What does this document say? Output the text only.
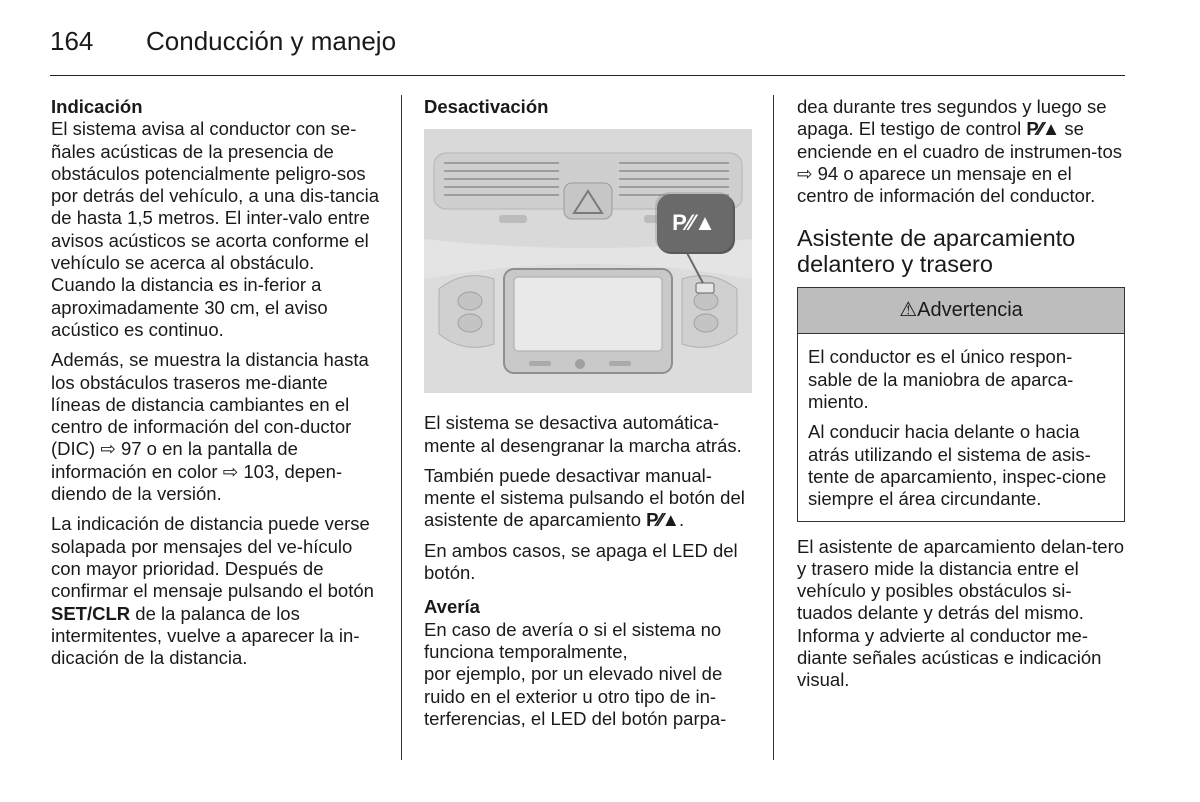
164 Conducción y manejo
Indicación

El sistema avisa al conductor con se-ñales acústicas de la presencia de obstáculos potencialmente peligro-sos por detrás del vehículo, a una dis-tancia de hasta 1,5 metros. El inter-valo entre avisos acústicos se acorta conforme el vehículo se acerca al obstáculo. Cuando la distancia es in-ferior a aproximadamente 30 cm, el aviso acústico es continuo.

Además, se muestra la distancia hasta los obstáculos traseros me-diante líneas de distancia cambiantes en el centro de información del con-ductor (DIC) ⇨ 97 o en la pantalla de información en color ⇨ 103, depen-diendo de la versión.

La indicación de distancia puede verse solapada por mensajes del ve-hículo con mayor prioridad. Después de confirmar el mensaje pulsando el botón SET/CLR de la palanca de los intermitentes, vuelve a aparecer la in-dicación de la distancia.

Desactivación
P⁄⁄▲

El sistema se desactiva automática-mente al desengranar la marcha atrás.

También puede desactivar manual-mente el sistema pulsando el botón del asistente de aparcamiento P⁄⁄▲.

En ambos casos, se apaga el LED del botón.

Avería

En caso de avería o si el sistema no funciona temporalmente,

por ejemplo, por un elevado nivel de ruido en el exterior u otro tipo de in-terferencias, el LED del botón parpa-

dea durante tres segundos y luego se apaga. El testigo de control P⁄⁄▲ se enciende en el cuadro de instrumen-tos ⇨ 94 o aparece un mensaje en el centro de información del conductor.

Asistente de aparcamiento delantero y trasero
⚠Advertencia

El conductor es el único respon-sable de la maniobra de aparca-miento.

Al conducir hacia delante o hacia atrás utilizando el sistema de asis-tente de aparcamiento, inspec-cione siempre el área circundante.

El asistente de aparcamiento delan-tero y trasero mide la distancia entre el vehículo y posibles obstáculos si-tuados delante y detrás del mismo. Informa y advierte al conductor me-diante señales acústicas e indicación visual.
